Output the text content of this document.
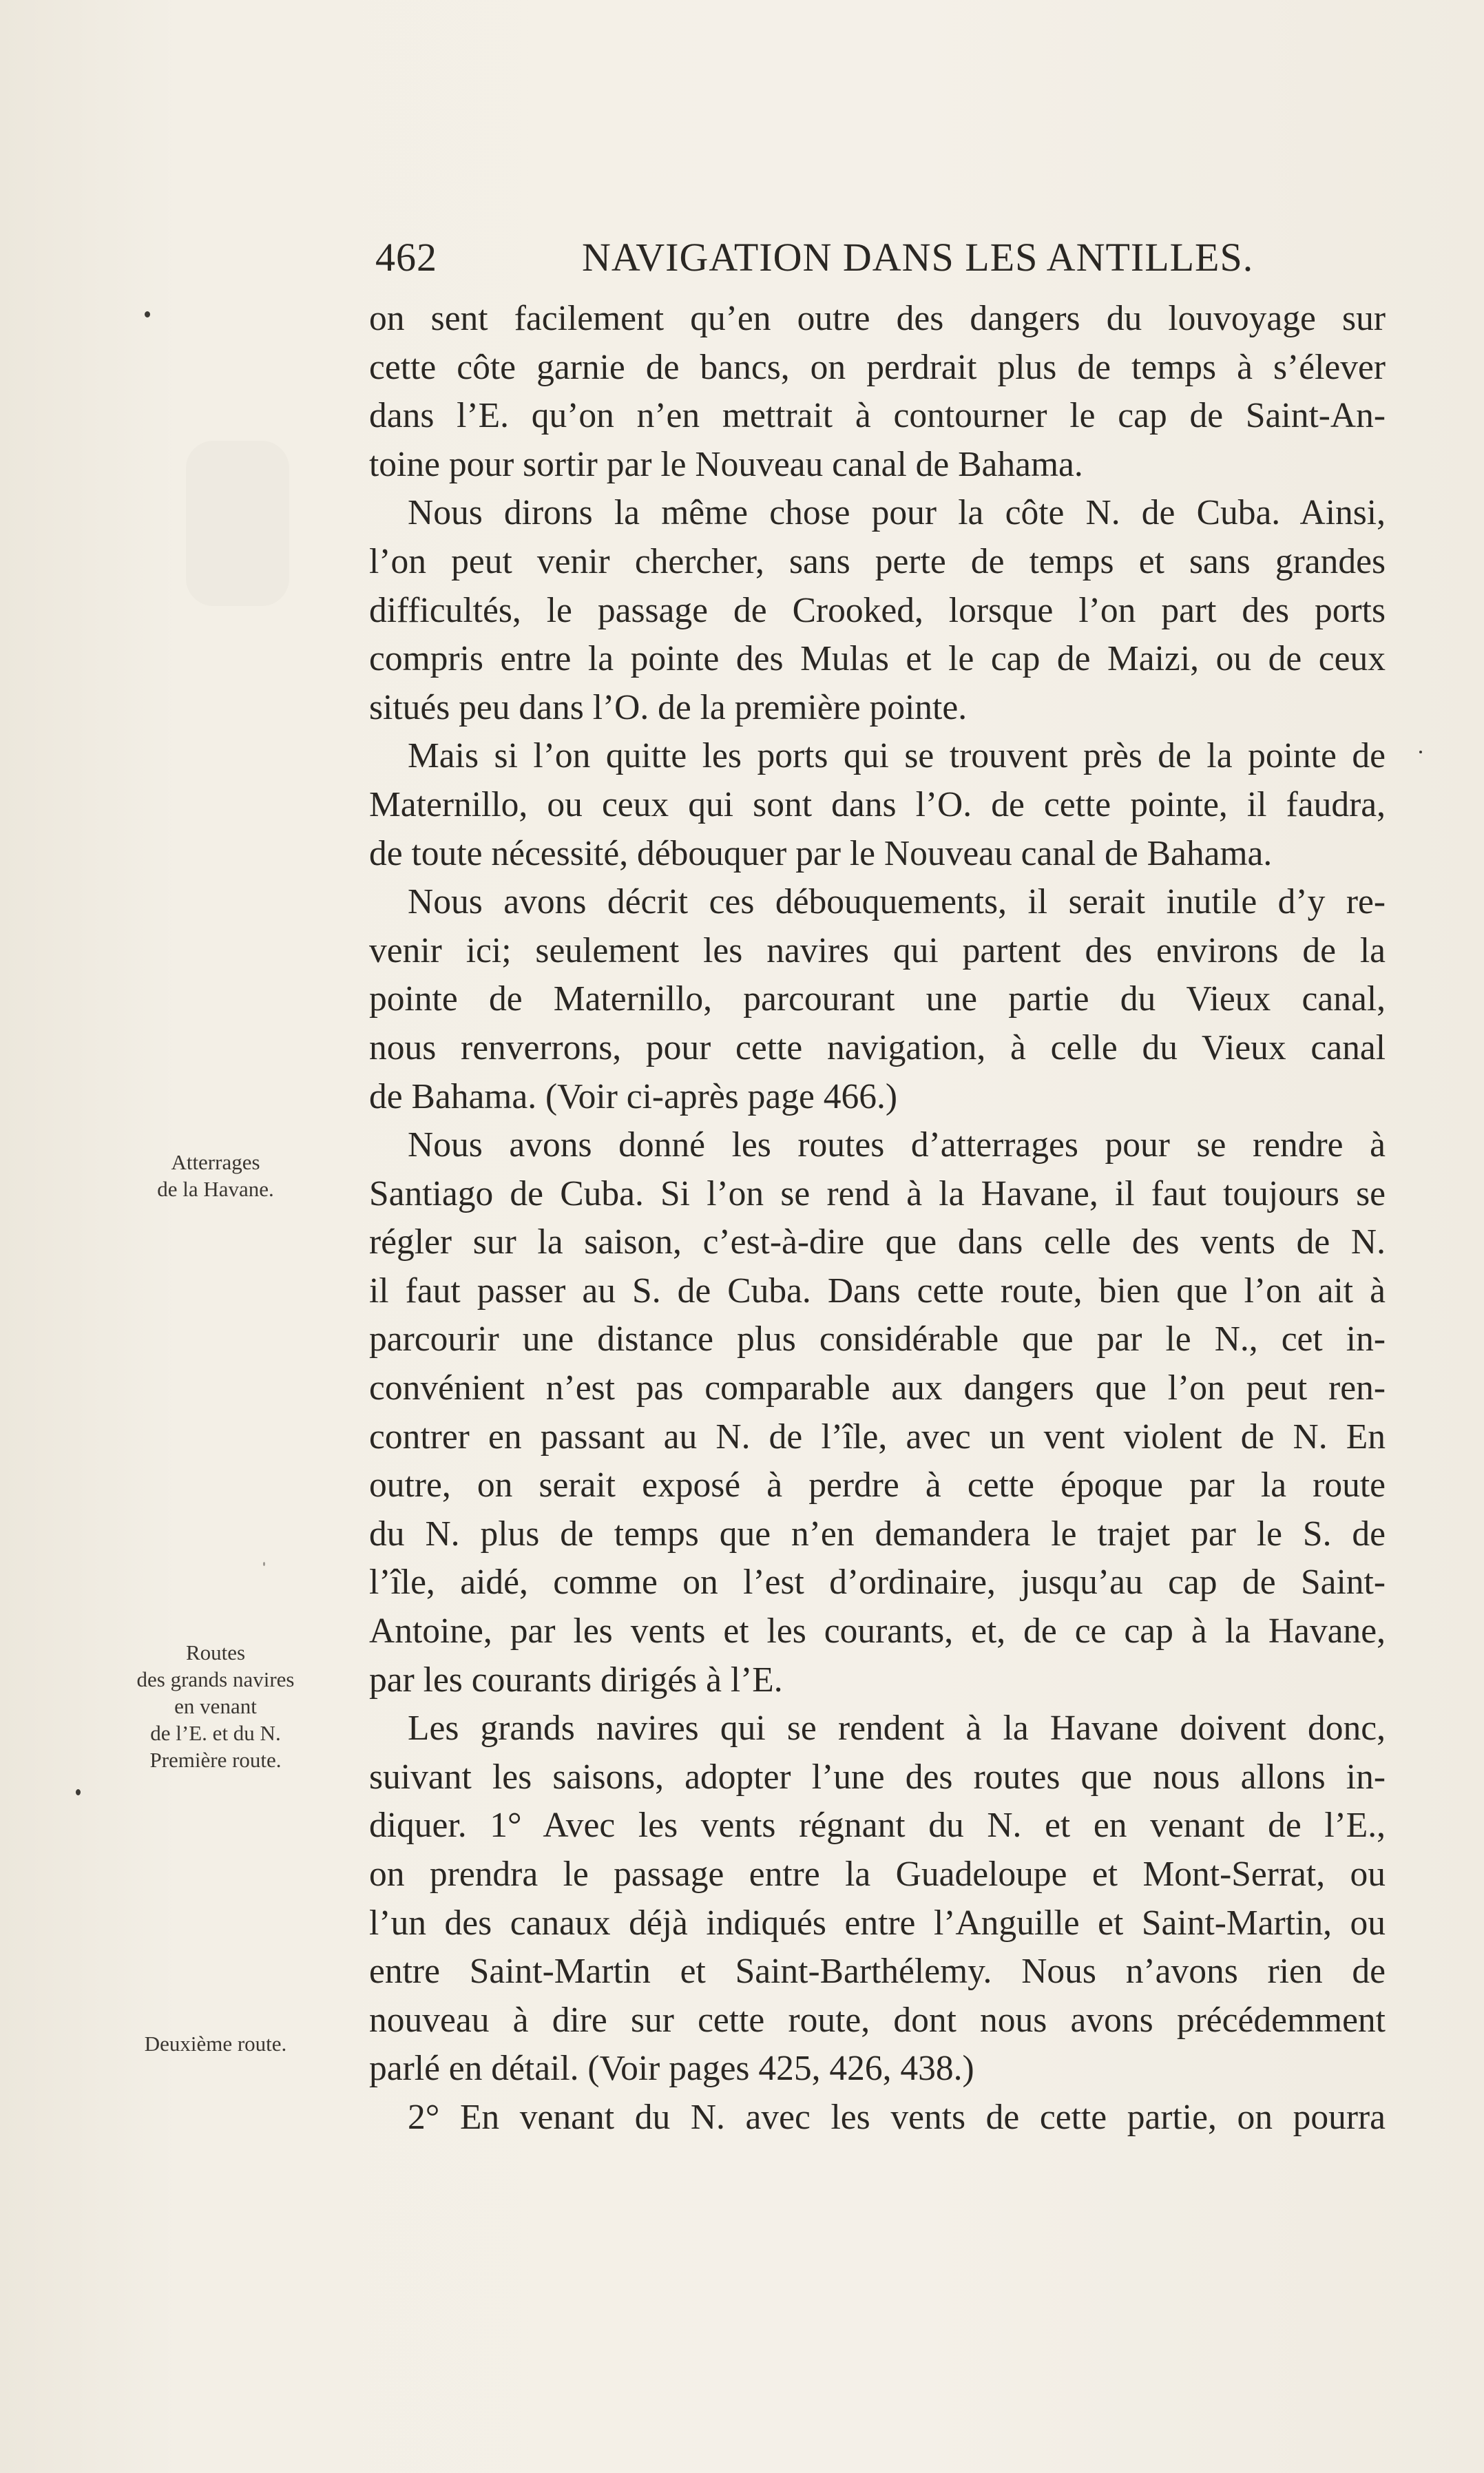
462	NAVIGATION DANS LES ANTILLES.
Atterrages
de la Havane.
Routes
des grands navires
en venant
de l’E. et du N.
Première route.
Deuxième route.
on sent facilement qu’en outre des dangers du louvoyage sur
cette côte garnie de bancs, on perdrait plus de temps à s’élever
dans l’E. qu’on n’en mettrait à contourner le cap de Saint-An-
toine pour sortir par le Nouveau canal de Bahama.
Nous dirons la même chose pour la côte N. de Cuba. Ainsi,
l’on peut venir chercher, sans perte de temps et sans grandes
difficultés, le passage de Crooked, lorsque l’on part des ports
compris entre la pointe des Mulas et le cap de Maizi, ou de ceux
situés peu dans l’O. de la première pointe.
Mais si l’on quitte les ports qui se trouvent près de la pointe de
Maternillo, ou ceux qui sont dans l’O. de cette pointe, il faudra,
de toute nécessité, débouquer par le Nouveau canal de Bahama.
Nous avons décrit ces débouquements, il serait inutile d’y re-
venir ici; seulement les navires qui partent des environs de la
pointe de Maternillo, parcourant une partie du Vieux canal,
nous renverrons, pour cette navigation, à celle du Vieux canal
de Bahama. (Voir ci-après page 466.)
Nous avons donné les routes d’atterrages pour se rendre à
Santiago de Cuba. Si l’on se rend à la Havane, il faut toujours se
régler sur la saison, c’est-à-dire que dans celle des vents de N.
il faut passer au S. de Cuba. Dans cette route, bien que l’on ait à
parcourir une distance plus considérable que par le N., cet in-
convénient n’est pas comparable aux dangers que l’on peut ren-
contrer en passant au N. de l’île, avec un vent violent de N. En
outre, on serait exposé à perdre à cette époque par la route
du N. plus de temps que n’en demandera le trajet par le S. de
l’île, aidé, comme on l’est d’ordinaire, jusqu’au cap de Saint-
Antoine, par les vents et les courants, et, de ce cap à la Havane,
par les courants dirigés à l’E.
Les grands navires qui se rendent à la Havane doivent donc,
suivant les saisons, adopter l’une des routes que nous allons in-
diquer. 1° Avec les vents régnant du N. et en venant de l’E.,
on prendra le passage entre la Guadeloupe et Mont-Serrat, ou
l’un des canaux déjà indiqués entre l’Anguille et Saint-Martin, ou
entre Saint-Martin et Saint-Barthélemy. Nous n’avons rien de
nouveau à dire sur cette route, dont nous avons précédemment
parlé en détail. (Voir pages 425, 426, 438.)
2° En venant du N. avec les vents de cette partie, on pourra
